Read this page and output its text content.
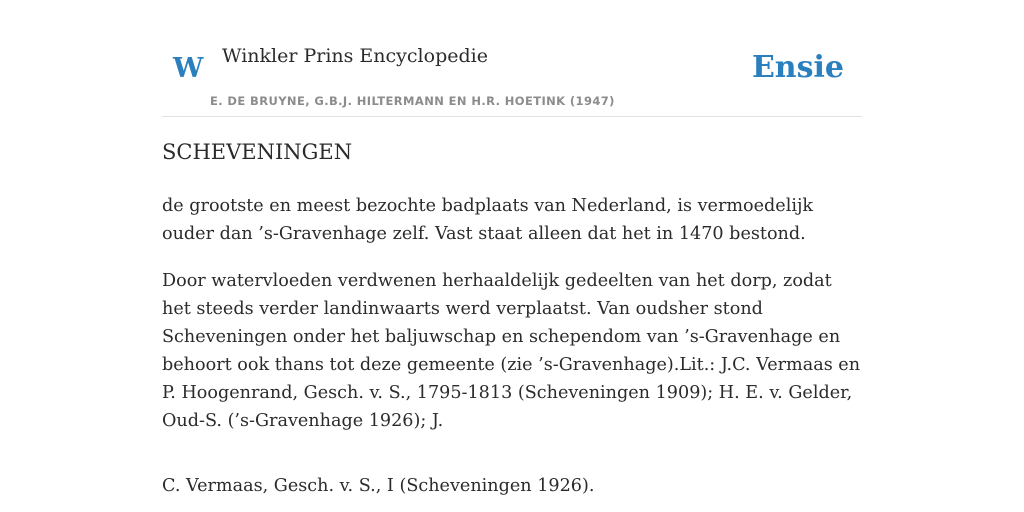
W Winkler Prins Encyclopedie
E. DE BRUYNE, G.B.J. HILTERMANN EN H.R. HOETINK (1947)
Ensie
SCHEVENINGEN

de grootste en meest bezochte badplaats van Nederland, is vermoedelijk ouder dan ’s-Gravenhage zelf. Vast staat alleen dat het in 1470 bestond.

Door watervloeden verdwenen herhaaldelijk gedeelten van het dorp, zodat het steeds verder landinwaarts werd verplaatst. Van oudsher stond Scheveningen onder het baljuwschap en schependom van ’s-Gravenhage en behoort ook thans tot deze gemeente (zie ’s-Gravenhage).Lit.: J.C. Vermaas en P. Hoogenrand, Gesch. v. S., 1795-1813 (Scheveningen 1909); H. E. v. Gelder, Oud-S. (’s-Gravenhage 1926); J.

C. Vermaas, Gesch. v. S., I (Scheveningen 1926).
